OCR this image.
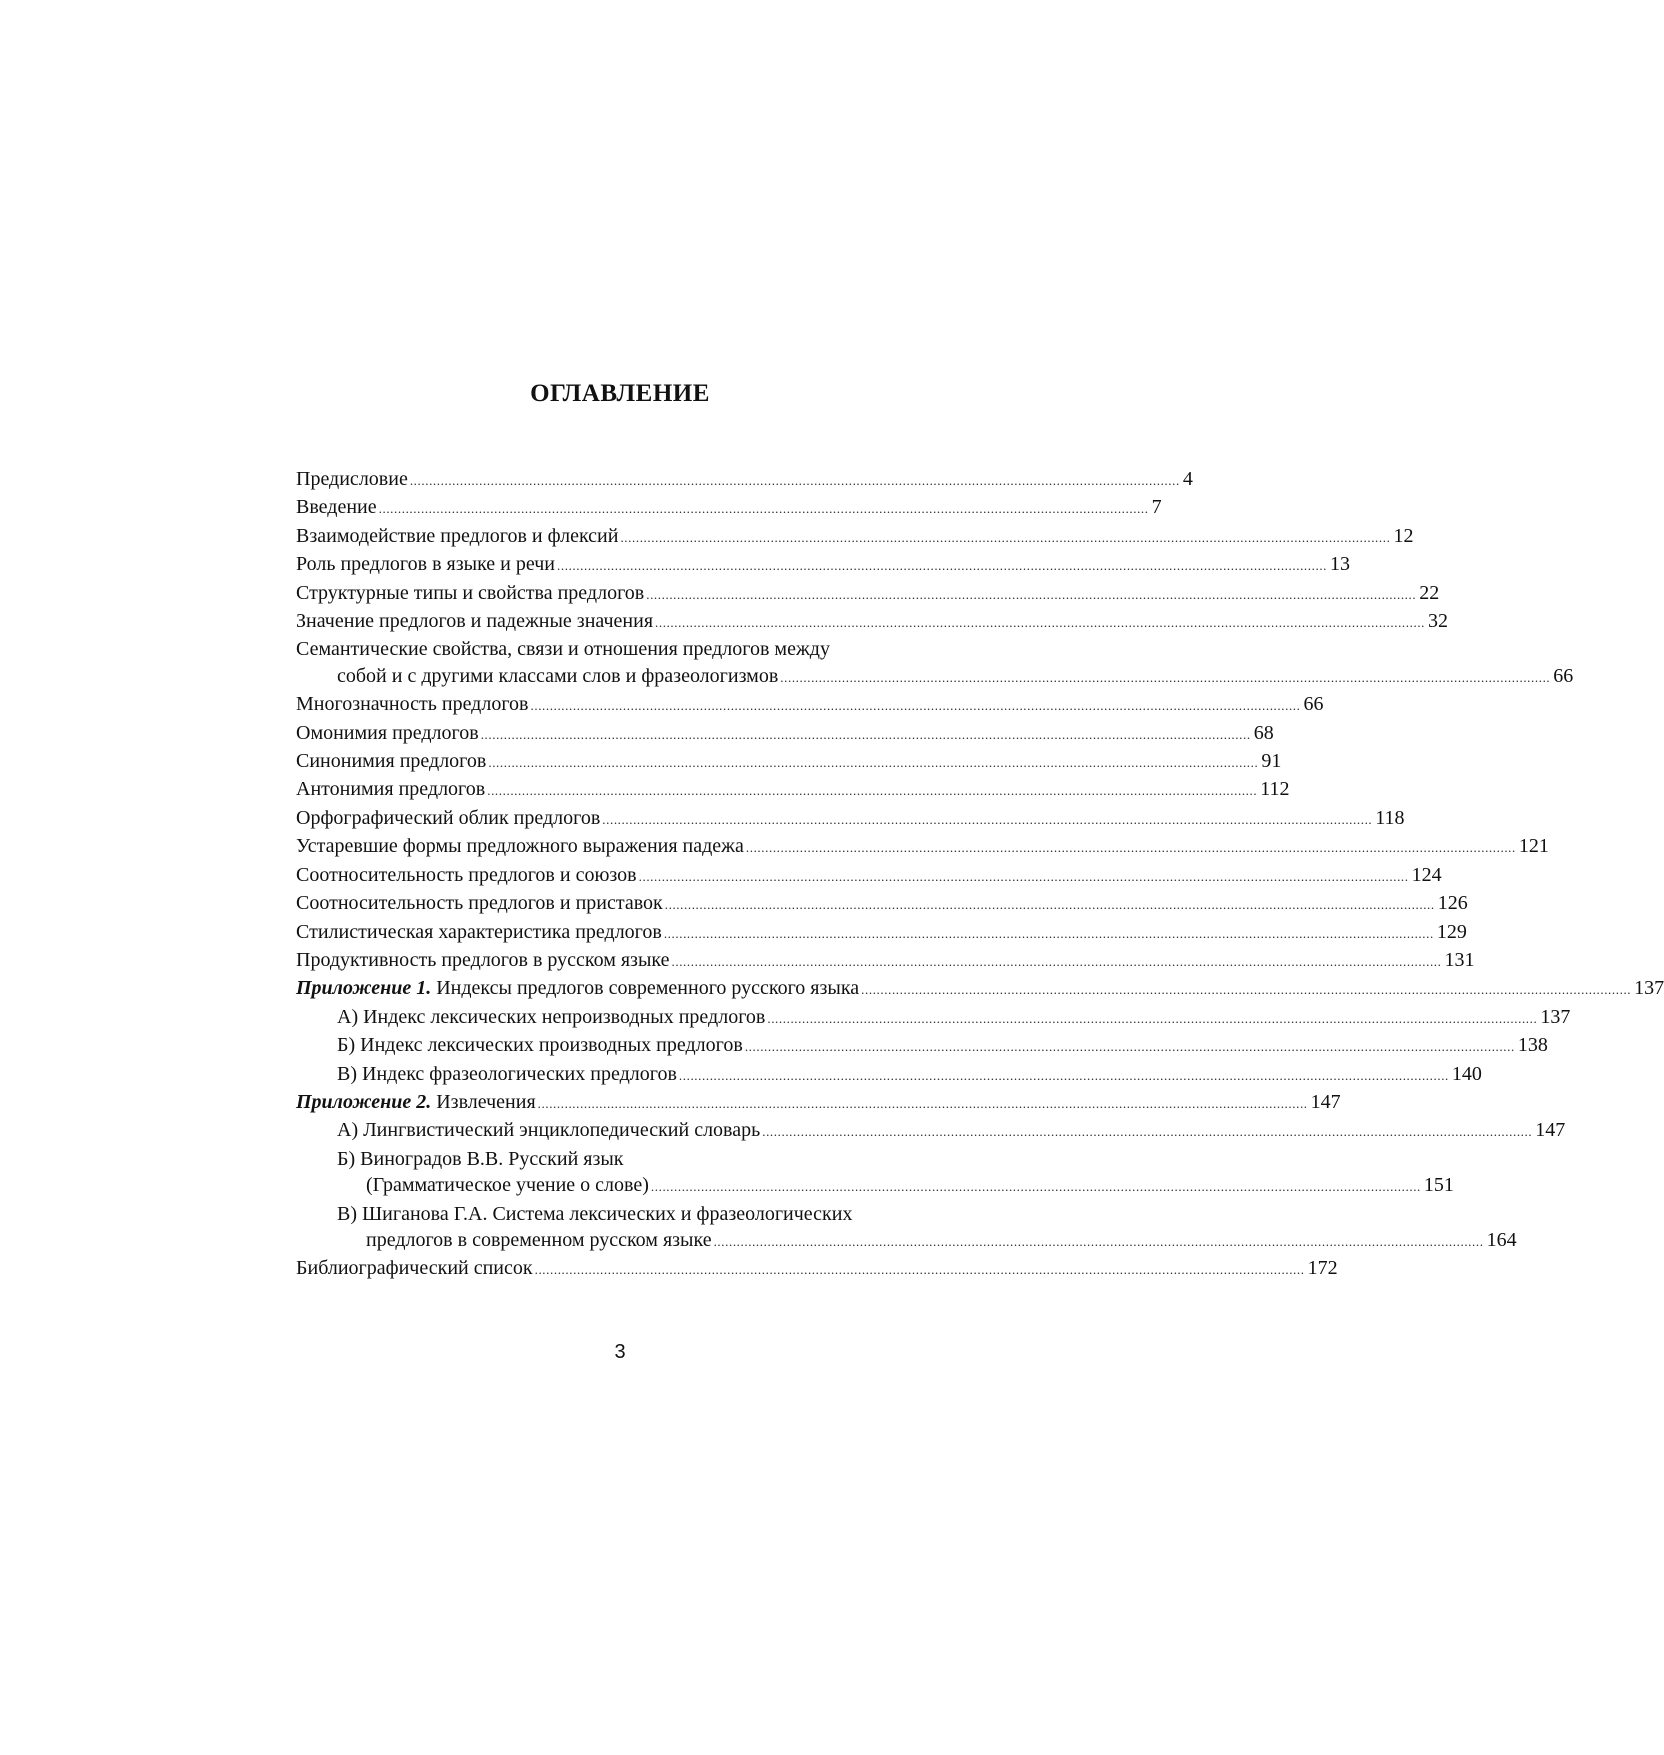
ОГЛАВЛЕНИЕ
Предисловие ........................................................................................................................................................................................................ 4
Введение ........................................................................................................................................................................................................ 7
Взаимодействие предлогов и флексий ........................................................................................................................................................................................................ 12
Роль предлогов в языке и речи ........................................................................................................................................................................................................ 13
Структурные типы и свойства предлогов ........................................................................................................................................................................................................ 22
Значение предлогов и падежные значения ........................................................................................................................................................................................................ 32
Семантические свойства, связи и отношения предлогов между
собой и с другими классами слов и фразеологизмов ........................................................................................................................................................................................................ 66
Многозначность предлогов ........................................................................................................................................................................................................ 66
Омонимия предлогов ........................................................................................................................................................................................................ 68
Синонимия предлогов ........................................................................................................................................................................................................ 91
Антонимия предлогов ........................................................................................................................................................................................................ 112
Орфографический облик предлогов ........................................................................................................................................................................................................ 118
Устаревшие формы предложного выражения падежа ........................................................................................................................................................................................................ 121
Соотносительность предлогов и союзов ........................................................................................................................................................................................................ 124
Соотносительность предлогов и приставок ........................................................................................................................................................................................................ 126
Стилистическая характеристика предлогов ........................................................................................................................................................................................................ 129
Продуктивность предлогов в русском языке ........................................................................................................................................................................................................ 131
Приложение 1. Индексы предлогов современного русского языка ........................................................................................................................................................................................................ 137
А) Индекс лексических непроизводных предлогов ........................................................................................................................................................................................................ 137
Б) Индекс лексических производных предлогов ........................................................................................................................................................................................................ 138
В) Индекс фразеологических предлогов ........................................................................................................................................................................................................ 140
Приложение 2. Извлечения ........................................................................................................................................................................................................ 147
А) Лингвистический энциклопедический словарь ........................................................................................................................................................................................................ 147
Б) Виноградов В.В. Русский язык
(Грамматическое учение о слове) ........................................................................................................................................................................................................ 151
В) Шиганова Г.А. Система лексических и фразеологических
предлогов в современном русском языке ........................................................................................................................................................................................................ 164
Библиографический список ........................................................................................................................................................................................................ 172
3
